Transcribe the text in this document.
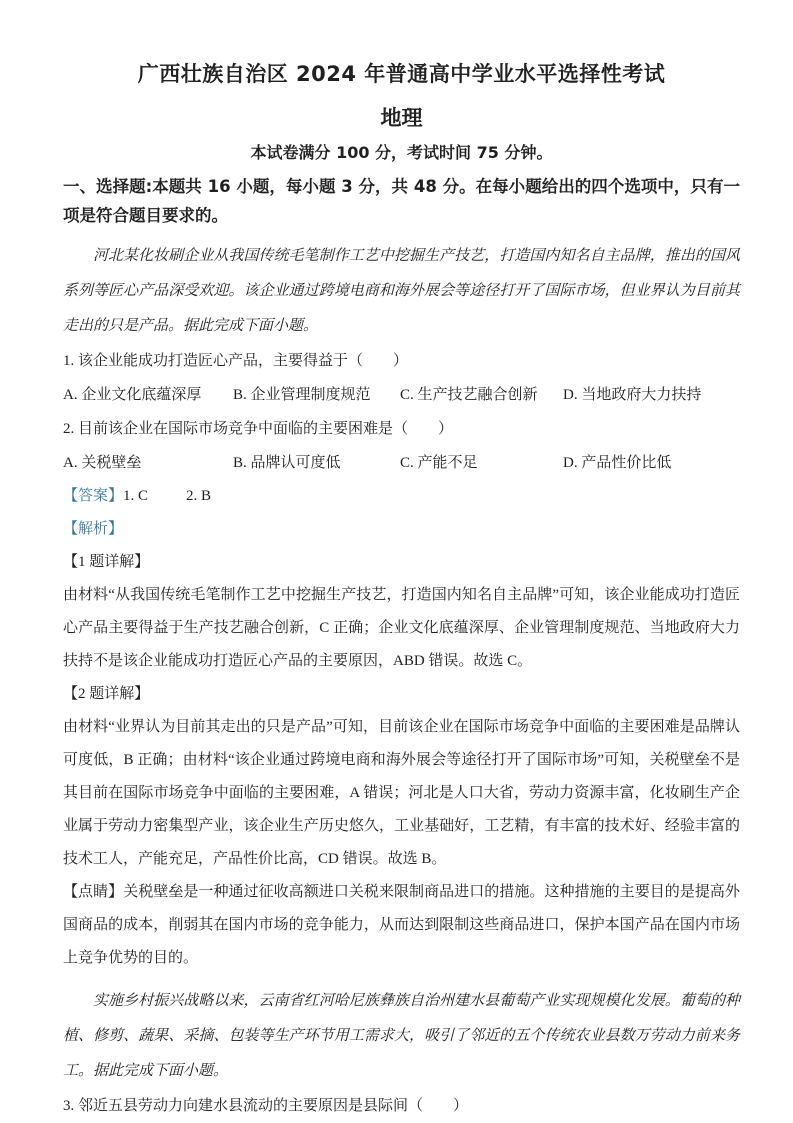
广西壮族自治区 2024 年普通高中学业水平选择性考试
地理

本试卷满分 100 分，考试时间 75 分钟。

一、选择题:本题共 16 小题，每小题 3 分，共 48 分。在每小题给出的四个选项中，只有一项是符合题目要求的。

河北某化妆刷企业从我国传统毛笔制作工艺中挖掘生产技艺，打造国内知名自主品牌，推出的国风系列等匠心产品深受欢迎。该企业通过跨境电商和海外展会等途径打开了国际市场，但业界认为目前其走出的只是产品。据此完成下面小题。

1. 该企业能成功打造匠心产品，主要得益于（　　）

A. 企业文化底蕴深厚	B. 企业管理制度规范	C. 生产技艺融合创新	D. 当地政府大力扶持

2. 目前该企业在国际市场竞争中面临的主要困难是（　　）

A. 关税壁垒	B. 品牌认可度低	C. 产能不足	D. 产品性价比低

【答案】1. C	2. B

【解析】

【1 题详解】

由材料“从我国传统毛笔制作工艺中挖掘生产技艺，打造国内知名自主品牌”可知，该企业能成功打造匠心产品主要得益于生产技艺融合创新，C 正确；企业文化底蕴深厚、企业管理制度规范、当地政府大力扶持不是该企业能成功打造匠心产品的主要原因，ABD 错误。故选 C。

【2 题详解】

由材料“业界认为目前其走出的只是产品”可知，目前该企业在国际市场竞争中面临的主要困难是品牌认可度低，B 正确；由材料“该企业通过跨境电商和海外展会等途径打开了国际市场”可知，关税壁垒不是其目前在国际市场竞争中面临的主要困难，A 错误；河北是人口大省，劳动力资源丰富，化妆刷生产企业属于劳动力密集型产业，该企业生产历史悠久，工业基础好，工艺精，有丰富的技术好、经验丰富的技术工人，产能充足，产品性价比高，CD 错误。故选 B。

【点睛】关税壁垒是一种通过征收高额进口关税来限制商品进口的措施。这种措施的主要目的是提高外国商品的成本，削弱其在国内市场的竞争能力，从而达到限制这些商品进口，保护本国产品在国内市场上竞争优势的目的。

实施乡村振兴战略以来，云南省红河哈尼族彝族自治州建水县葡萄产业实现规模化发展。葡萄的种植、修剪、蔬果、采摘、包装等生产环节用工需求大，吸引了邻近的五个传统农业县数万劳动力前来务工。据此完成下面小题。

3. 邻近五县劳动力向建水县流动的主要原因是县际间（　　）
